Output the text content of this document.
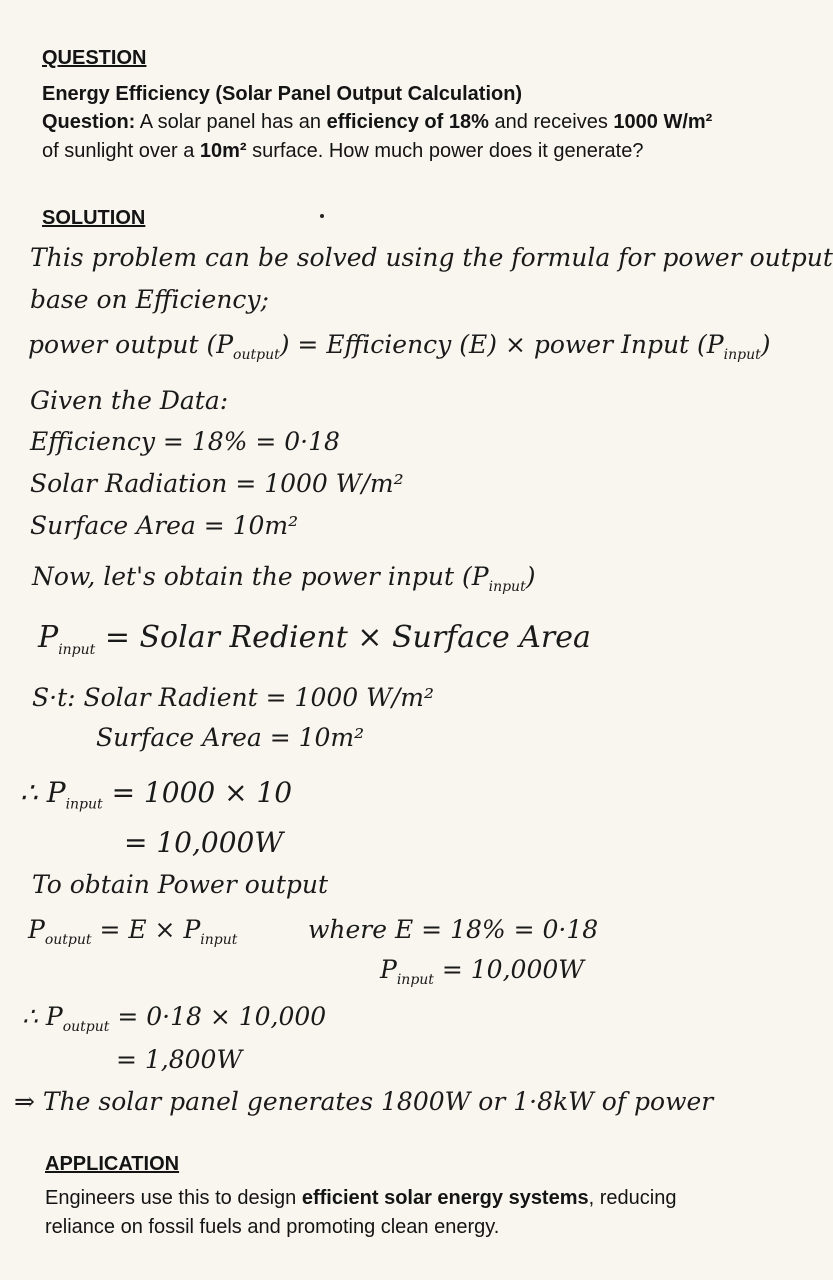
QUESTION
Energy Efficiency (Solar Panel Output Calculation)
Question: A solar panel has an efficiency of 18% and receives 1000 W/m² of sunlight over a 10m² surface. How much power does it generate?
SOLUTION
This problem can be solved using the formula for power output
base on Efficiency;
power output $(P_{output})$ = Efficiency (E) × power Input $(P_{input})$
Given the Data:
Efficiency = 18% = 0·18
Solar Radiation = 1000 W/m²
Surface Area = 10m²
Now, let's obtain the power input $(P_{input})$
$P_{input}$ = Solar Redient × Surface Area
S·t: Solar Radient = 1000 W/m²
Surface Area = 10m²
∴ $P_{input} = 1000 \times 10$
= 10,000W
To obtain Power output
$P_{output} = E \times P_{input}$	where E = 18% = 0·18
$P_{input} = 10,000W$
∴ $P_{output} = 0\cdot 18 \times 10,000$
= 1,800W
⇒ The solar panel generates 1800W or 1·8kW of power
APPLICATION
Engineers use this to design efficient solar energy systems, reducing reliance on fossil fuels and promoting clean energy.
